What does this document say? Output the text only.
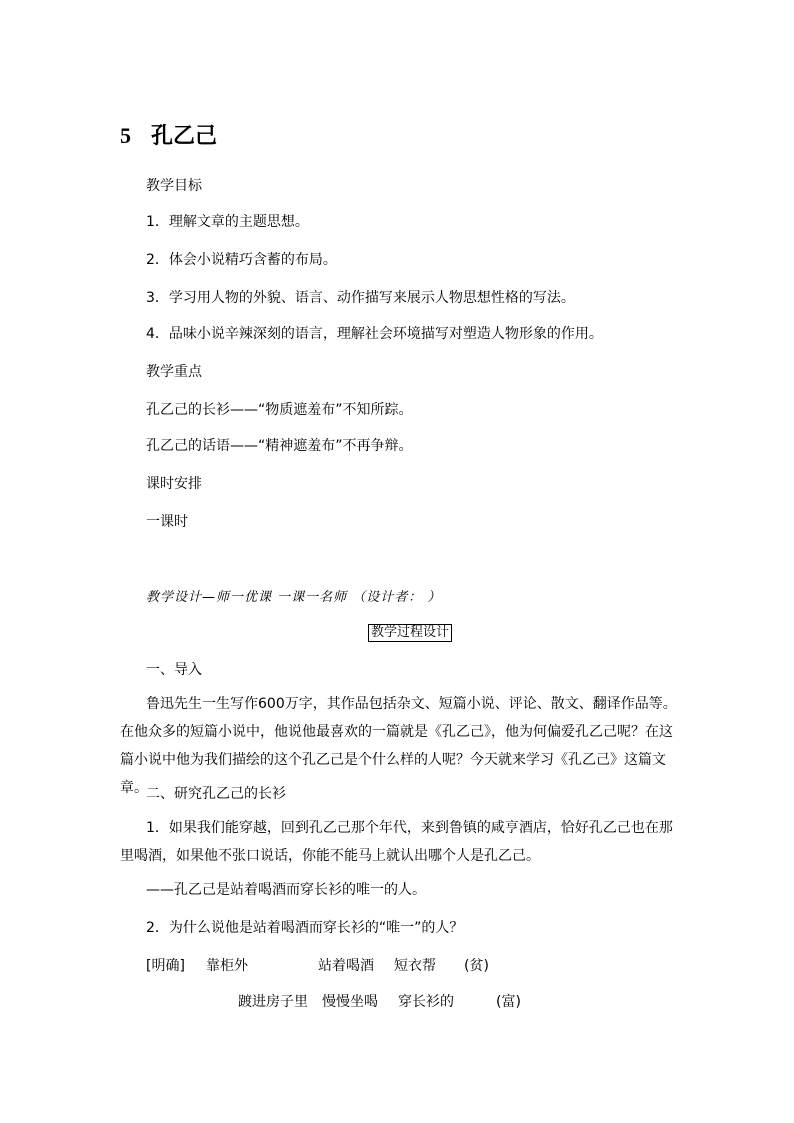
5 孔乙己
教学目标
1．理解文章的主题思想。
2．体会小说精巧含蓄的布局。
3．学习用人物的外貌、语言、动作描写来展示人物思想性格的写法。
4．品味小说辛辣深刻的语言，理解社会环境描写对塑造人物形象的作用。
教学重点
孔乙己的长衫——“物质遮羞布”不知所踪。
孔乙己的话语——“精神遮羞布”不再争辩。
课时安排
一课时
教学设计—师一优课 一课一名师 （设计者： ）
教学过程设计
一、导入
鲁迅先生一生写作600万字，其作品包括杂文、短篇小说、评论、散文、翻译作品等。在他众多的短篇小说中，他说他最喜欢的一篇就是《孔乙己》，他为何偏爱孔乙己呢？在这篇小说中他为我们描绘的这个孔乙己是个什么样的人呢？今天就来学习《孔乙己》这篇文章。
二、研究孔乙己的长衫
1．如果我们能穿越，回到孔乙己那个年代，来到鲁镇的咸亨酒店，恰好孔乙己也在那里喝酒，如果他不张口说话，你能不能马上就认出哪个人是孔乙己。
——孔乙己是站着喝酒而穿长衫的唯一的人。
2．为什么说他是站着喝酒而穿长衫的“唯一”的人？
[明确] 靠柜外	站着喝酒 短衣帮 (贫)
踱进房子里 慢慢坐喝 穿长衫的	(富)
